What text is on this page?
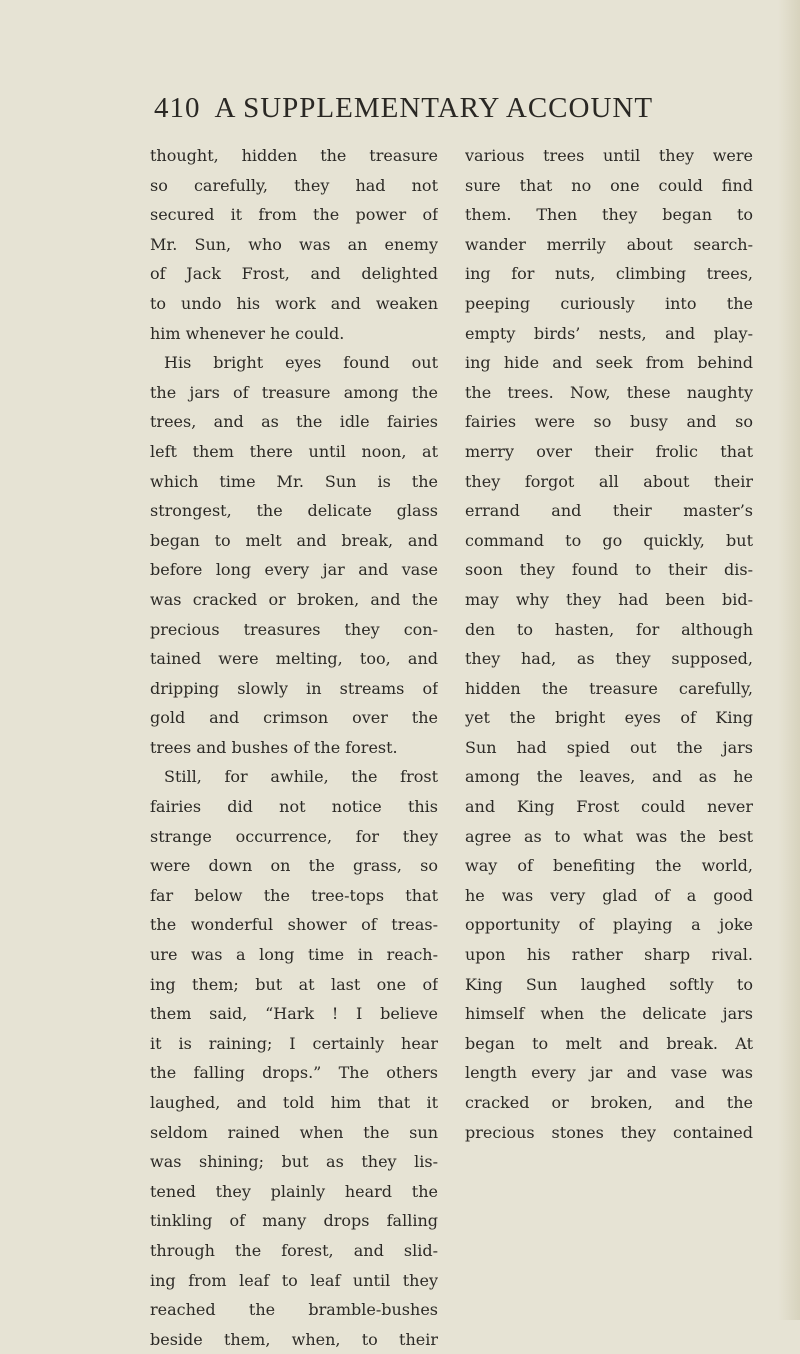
410 A SUPPLEMENTARY ACCOUNT
thought, hidden the treasure
so carefully, they had not
secured it from the power of
Mr. Sun, who was an enemy
of Jack Frost, and delighted
to undo his work and weaken
him whenever he could.
His bright eyes found out
the jars of treasure among the
trees, and as the idle fairies
left them there until noon, at
which time Mr. Sun is the
strongest, the delicate glass
began to melt and break, and
before long every jar and vase
was cracked or broken, and the
precious treasures they con-
tained were melting, too, and
dripping slowly in streams of
gold and crimson over the
trees and bushes of the forest.
Still, for awhile, the frost
fairies did not notice this
strange occurrence, for they
were down on the grass, so
far below the tree-tops that
the wonderful shower of treas-
ure was a long time in reach-
ing them; but at last one of
them said, “Hark ! I believe
it is raining; I certainly hear
the falling drops.” The others
laughed, and told him that it
seldom rained when the sun
was shining; but as they lis-
tened they plainly heard the
tinkling of many drops falling
through the forest, and slid-
ing from leaf to leaf until they
reached the bramble-bushes
beside them, when, to their
various trees until they were
sure that no one could find
them. Then they began to
wander merrily about search-
ing for nuts, climbing trees,
peeping curiously into the
empty birds’ nests, and play-
ing hide and seek from behind
the trees. Now, these naughty
fairies were so busy and so
merry over their frolic that
they forgot all about their
errand and their master’s
command to go quickly, but
soon they found to their dis-
may why they had been bid-
den to hasten, for although
they had, as they supposed,
hidden the treasure carefully,
yet the bright eyes of King
Sun had spied out the jars
among the leaves, and as he
and King Frost could never
agree as to what was the best
way of benefiting the world,
he was very glad of a good
opportunity of playing a joke
upon his rather sharp rival.
King Sun laughed softly to
himself when the delicate jars
began to melt and break. At
length every jar and vase was
cracked or broken, and the
precious stones they contained
